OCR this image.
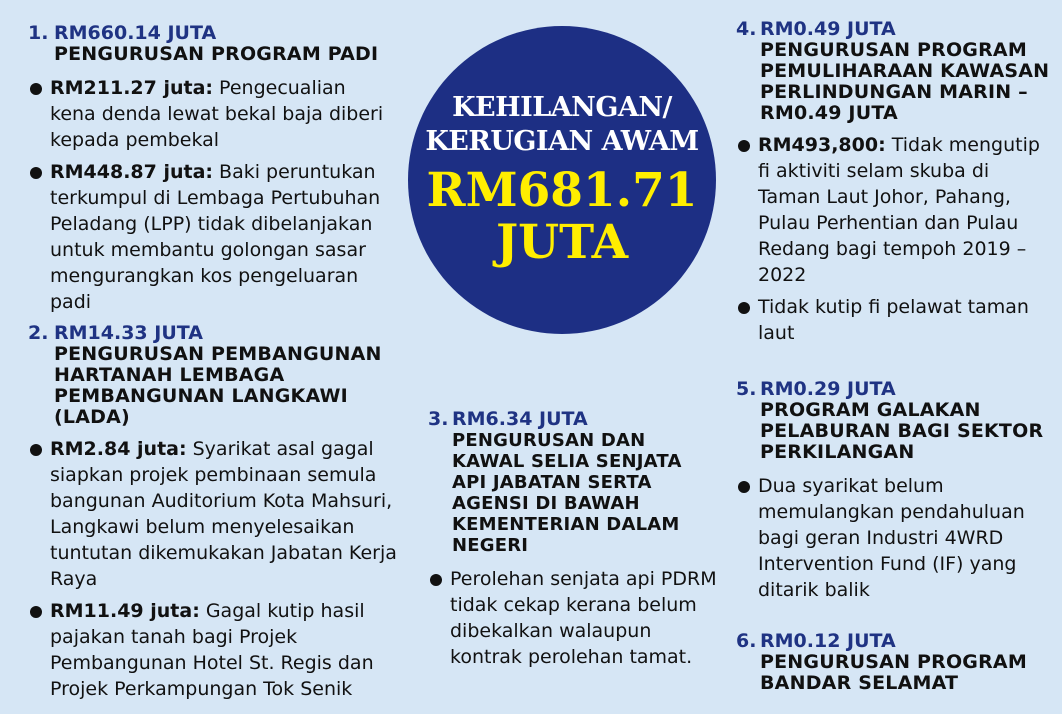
KEHILANGAN/
KERUGIAN AWAM
RM681.71
JUTA
1. RM660.14 JUTA
PENGURUSAN PROGRAM PADI
RM211.27 juta: Pengecualian kena denda lewat bekal baja diberi kepada pembekal
RM448.87 juta: Baki peruntukan terkumpul di Lembaga Pertubuhan Peladang (LPP) tidak dibelanjakan untuk membantu golongan sasar mengurangkan kos pengeluaran padi
2. RM14.33 JUTA
PENGURUSAN PEMBANGUNAN HARTANAH LEMBAGA PEMBANGUNAN LANGKAWI (LADA)
RM2.84 juta: Syarikat asal gagal siapkan projek pembinaan semula bangunan Auditorium Kota Mahsuri, Langkawi belum menyelesaikan tuntutan dikemukakan Jabatan Kerja Raya
RM11.49 juta: Gagal kutip hasil pajakan tanah bagi Projek Pembangunan Hotel St. Regis dan Projek Perkampungan Tok Senik
3. RM6.34 JUTA
PENGURUSAN DAN KAWAL SELIA SENJATA API JABATAN SERTA AGENSI DI BAWAH KEMENTERIAN DALAM NEGERI
Perolehan senjata api PDRM tidak cekap kerana belum dibekalkan walaupun kontrak perolehan tamat.
4. RM0.49 JUTA
PENGURUSAN PROGRAM PEMULIHARAAN KAWASAN PERLINDUNGAN MARIN – RM0.49 JUTA
RM493,800: Tidak mengutip fi aktiviti selam skuba di Taman Laut Johor, Pahang, Pulau Perhentian dan Pulau Redang bagi tempoh 2019 – 2022
Tidak kutip fi pelawat taman laut
5. RM0.29 JUTA
PROGRAM GALAKAN PELABURAN BAGI SEKTOR PERKILANGAN
Dua syarikat belum memulangkan pendahuluan bagi geran Industri 4WRD Intervention Fund (IF) yang ditarik balik
6. RM0.12 JUTA
PENGURUSAN PROGRAM BANDAR SELAMAT
